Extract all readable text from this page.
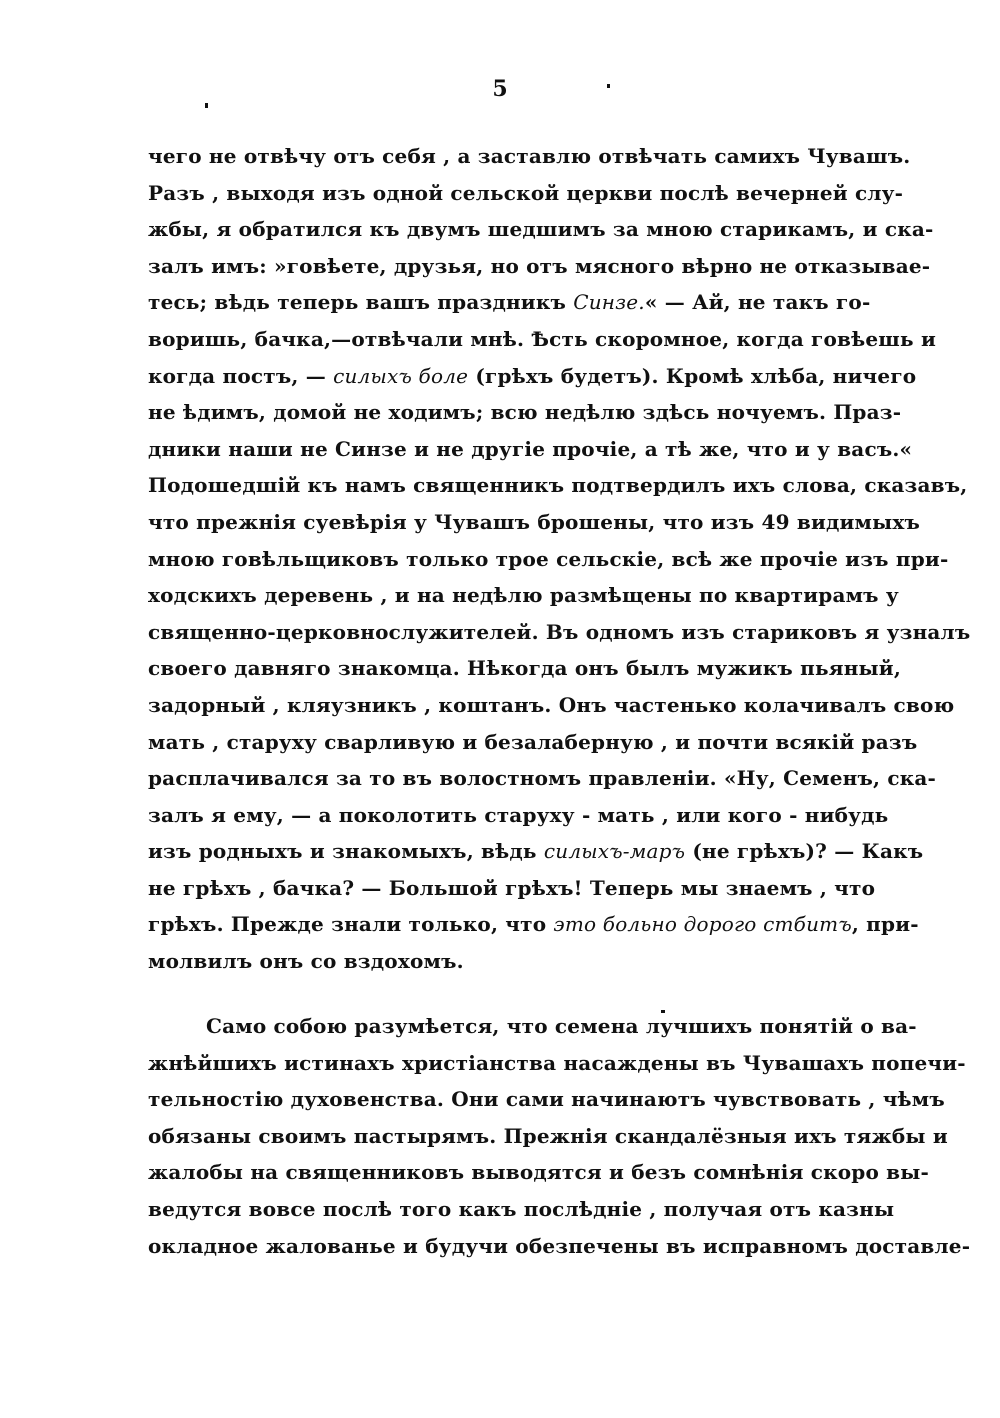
5
чего не отвѣчу отъ себя , а заставлю отвѣчать самихъ Чувашъ.
Разъ , выходя изъ одной сельской церкви послѣ вечерней слу-
жбы, я обратился къ двумъ шедшимъ за мною старикамъ, и ска-
залъ имъ: »говѣете, друзья, но отъ мясного вѣрно не отказывае-
тесь; вѣдь теперь вашъ праздникъ Синзе.« — Ай, не такъ го-
воришь, бачка,—отвѣчали мнѣ. Ѣсть скоромное, когда говѣешь и
когда постъ, — силыхъ боле (грѣхъ будетъ). Кромѣ хлѣба, ничего
не ѣдимъ, домой не ходимъ; всю недѣлю здѣсь ночуемъ. Прaз-
дники наши не Синзе и не другіе прочіе, а тѣ же, что и у васъ.«
Подошедшій къ намъ священникъ подтвердилъ ихъ слова, сказавъ,
что прежнія суевѣрія у Чувашъ брошены, что изъ 49 видимыхъ
мною говѣльщиковъ только трое сельскіе, всѣ же прочіе изъ при-
ходскихъ деревень , и на недѣлю размѣщены по квартирамъ у
священно-церковнослужителей. Въ одномъ изъ стариковъ я узналъ
своего давняго знакомца. Нѣкогда онъ былъ мужикъ пьяный,
задорный , кляузникъ , коштанъ. Онъ частенько колачивалъ свою
мать , старуху сварливую и безалаберную , и почти всякій разъ
расплачивался за то въ волостномъ правленіи. «Ну, Семенъ, ска-
залъ я ему, — а поколотить старуху - мать , или кого - нибудь
изъ родныхъ и знакомыхъ, вѣдь силыхъ-маръ (не грѣхъ)? — Какъ
не грѣхъ , бачка? — Большой грѣхъ! Теперь мы знаемъ , что
грѣхъ. Прежде знали только, что это больно дорого стбитъ, при-
молвилъ онъ со вздохомъ.
Само собою разумѣется, что семена лучшихъ понятій о ва-
жнѣйшихъ истинахъ христіанства насаждены въ Чувашахъ попечи-
тельностію духовенства. Они сами начинаютъ чувствовать , чѣмъ
обязаны своимъ пастырямъ. Прежнія скандалёзныя ихъ тяжбы и
жалобы на священниковъ выводятся и безъ сомнѣнія скоро вы-
ведутся вовсе послѣ того какъ послѣдніе , получая отъ казны
окладное жалованье и будучи обезпечены въ исправномъ доставле-
